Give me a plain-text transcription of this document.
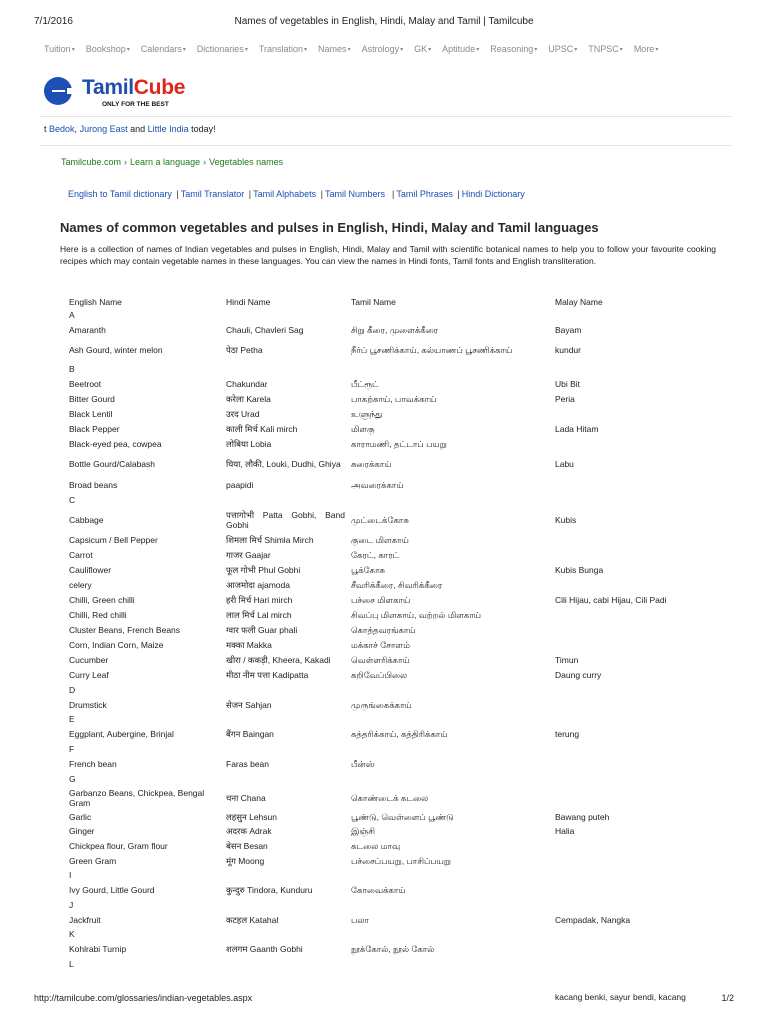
7/1/2016	Names of vegetables in English, Hindi, Malay and Tamil | Tamilcube
Tuition▾ Bookshop▾ Calendars▾ Dictionaries▾ Translation▾ Names▾ Astrology▾ GK▾ Aptitude▾ Reasoning▾ UPSC▾ TNPSC▾ More▾
TamilCube
ONLY FOR THE BEST
t Bedok, Jurong East and Little India today!
Tamilcube.com › Learn a language › Vegetables names
English to Tamil dictionary | Tamil Translator | Tamil Alphabets | Tamil Numbers  | Tamil Phrases | Hindi Dictionary
Names of common vegetables and pulses in English, Hindi, Malay and Tamil languages

Here is a collection of names of Indian vegetables and pulses in English, Hindi, Malay and Tamil with scientific botanical names to help you to follow your favourite cooking recipes which may contain vegetable names in these languages. You can view the names in Hindi fonts, Tamil fonts and English transliteration.

English Name	Hindi Name	Tamil Name	Malay Name
A
Amaranth	Chauli, Chavleri Sag	சிறு கீரை, முளைக்கீரை	Bayam
Ash Gourd, winter melon	पेठा Petha	நீர்ப் பூசணிக்காய், கல்யாணப் பூசணிக்காய்	kundur
B
Beetroot	Chakundar	பீட்ரூட்	Ubi Bit
Bitter Gourd	करेला Karela	பாகற்காய், பாவக்காய்	Peria
Black Lentil	उरद Urad	உளுந்து
Black Pepper	काली मिर्च Kali mirch	மிளகு	Lada Hitam
Black-eyed pea, cowpea	लोबिया Lobia	காராமணி, தட்டாப் பயறு
Bottle Gourd/Calabash	घिया, लौकी, Louki, Dudhi, Ghiya	சுரைக்காய்	Labu
Broad beans	paapidi	அவரைக்காய்
C
Cabbage	पत्तागोभी Patta Gobhi, Band Gobhi	முட்டைக்கோசு	Kubis
Capsicum / Bell Pepper	शिमला मिर्च Shimla Mirch	குடை மிளகாய்
Carrot	गाजर Gaajar	கேரட், காரட்
Cauliflower	फूल गोभी Phul Gobhi	பூக்கோசு	Kubis Bunga
celery	आजमोदा ajamoda	சீவரிக்கீரை, சிவரிக்கீரை
Chilli, Green chilli	हरी मिर्च Hari mirch	பச்சை மிளகாய்	Cili Hijau, cabi Hijau, Cili Padi
Chilli, Red chilli	लाल मिर्च Lal mirch	சிவப்பு மிளகாய், வற்றல் மிளகாய்
Cluster Beans, French Beans	ग्वार फली Guar phali	கொத்தவரங்காய்
Corn, Indian Corn, Maize	मक्का Makka	மக்காச் சோளம்
Cucumber	खीरा / ककड़ी, Kheera, Kakadi	வெள்ளரிக்காய்	Timun
Curry Leaf	मीठा नीम पत्ता Kadipatta	கறிவேப்பிலை	Daung curry
D
Drumstick	सेजन Sahjan	முருங்கைக்காய்
E
Eggplant, Aubergine, Brinjal	बैंगन Baingan	கத்தரிக்காய், கத்திரிக்காய்	terung
F
French bean	Faras bean	பீன்ஸ்
G
Garbanzo Beans, Chickpea, Bengal Gram	चना Chana	கொண்டைக் கடலை
Garlic	लहसुन Lehsun	பூண்டு, வெள்ளைப் பூண்டு	Bawang puteh
Ginger	अदरक Adrak	இஞ்சி	Halia
Chickpea flour, Gram flour	बेसन Besan	கடலை மாவு
Green Gram	मूंग Moong	பச்சைப்பயறு, பாசிப்பயறு
I
Ivy Gourd, Little Gourd	कुन्दुरु Tindora, Kunduru	கோவைக்காய்
J
Jackfruit	कटहल Katahal	பலா	Cempadak, Nangka
K
Kohlrabi Turnip	शलगम Gaanth Gobhi	நூக்கோல், நூல் கோல்
L
kacang benki, sayur bendi, kacang
http://tamilcube.com/glossaries/indian-vegetables.aspx	1/2
